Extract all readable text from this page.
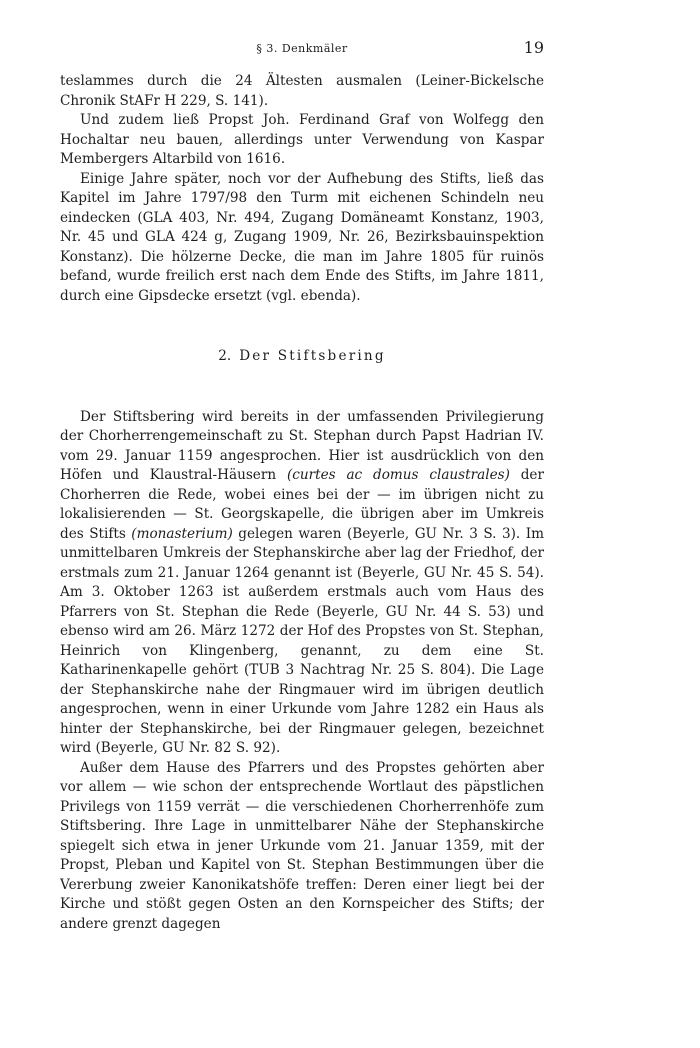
§ 3. Denkmäler	19

teslammes durch die 24 Ältesten ausmalen (Leiner-Bickelsche Chronik StAFr H 229, S. 141).

Und zudem ließ Propst Joh. Ferdinand Graf von Wolfegg den Hochaltar neu bauen, allerdings unter Verwendung von Kaspar Membergers Altarbild von 1616.

Einige Jahre später, noch vor der Aufhebung des Stifts, ließ das Kapitel im Jahre 1797/98 den Turm mit eichenen Schindeln neu eindecken (GLA 403, Nr. 494, Zugang Domäneamt Konstanz, 1903, Nr. 45 und GLA 424 g, Zugang 1909, Nr. 26, Bezirksbauinspektion Konstanz). Die hölzerne Decke, die man im Jahre 1805 für ruinös befand, wurde freilich erst nach dem Ende des Stifts, im Jahre 1811, durch eine Gipsdecke ersetzt (vgl. ebenda).

2. Der Stiftsbering

Der Stiftsbering wird bereits in der umfassenden Privilegierung der Chorherrengemeinschaft zu St. Stephan durch Papst Hadrian IV. vom 29. Januar 1159 angesprochen. Hier ist ausdrücklich von den Höfen und Klaustral-Häusern (curtes ac domus claustrales) der Chorherren die Rede, wobei eines bei der — im übrigen nicht zu lokalisierenden — St. Georgskapelle, die übrigen aber im Umkreis des Stifts (monasterium) gelegen waren (Beyerle, GU Nr. 3 S. 3). Im unmittelbaren Umkreis der Stephanskirche aber lag der Friedhof, der erstmals zum 21. Januar 1264 genannt ist (Beyerle, GU Nr. 45 S. 54). Am 3. Oktober 1263 ist außerdem erstmals auch vom Haus des Pfarrers von St. Stephan die Rede (Beyerle, GU Nr. 44 S. 53) und ebenso wird am 26. März 1272 der Hof des Propstes von St. Stephan, Heinrich von Klingenberg, genannt, zu dem eine St. Katharinenkapelle gehört (TUB 3 Nachtrag Nr. 25 S. 804). Die Lage der Stephanskirche nahe der Ringmauer wird im übrigen deutlich angesprochen, wenn in einer Urkunde vom Jahre 1282 ein Haus als hinter der Stephanskirche, bei der Ringmauer gelegen, bezeichnet wird (Beyerle, GU Nr. 82 S. 92).

Außer dem Hause des Pfarrers und des Propstes gehörten aber vor allem — wie schon der entsprechende Wortlaut des päpstlichen Privilegs von 1159 verrät — die verschiedenen Chorherrenhöfe zum Stiftsbering. Ihre Lage in unmittelbarer Nähe der Stephanskirche spiegelt sich etwa in jener Urkunde vom 21. Januar 1359, mit der Propst, Pleban und Kapitel von St. Stephan Bestimmungen über die Vererbung zweier Kanonikatshöfe treffen: Deren einer liegt bei der Kirche und stößt gegen Osten an den Kornspeicher des Stifts; der andere grenzt dagegen
